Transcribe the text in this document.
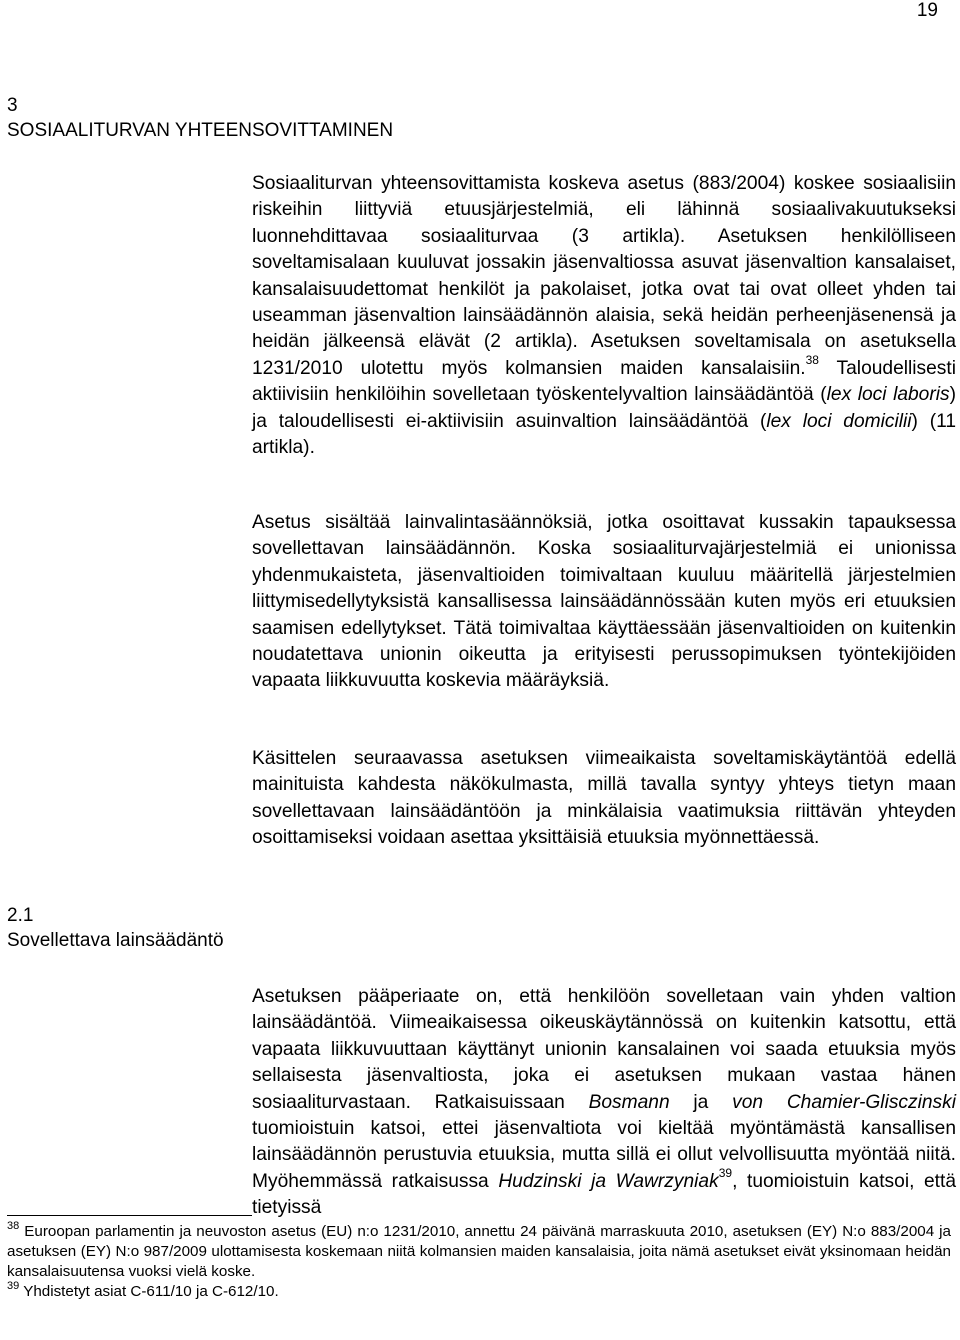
19
3
SOSIAALITURVAN YHTEENSOVITTAMINEN
2.1
Sovellettava lainsäädäntö

Sosiaaliturvan yhteensovittamista koskeva asetus (883/2004) koskee sosiaalisiin riskeihin liittyviä etuusjärjestelmiä, eli lähinnä sosiaalivakuutukseksi luonnehdittavaa sosiaaliturvaa (3 artikla). Asetuksen henkilölliseen soveltamisalaan kuuluvat jossakin jäsenvaltiossa asuvat jäsenvaltion kansalaiset, kansalaisuudettomat henkilöt ja pakolaiset, jotka ovat tai ovat olleet yhden tai useamman jäsenvaltion lainsäädännön alaisia, sekä heidän perheenjäsenensä ja heidän jälkeensä elävät (2 artikla). Asetuksen soveltamisala on asetuksella 1231/2010 ulotettu myös kolmansien maiden kansalaisiin.$^{38}$ Taloudellisesti aktiivisiin henkilöihin sovelletaan työskentelyvaltion lainsäädäntöä (lex loci laboris) ja taloudellisesti ei-aktiivisiin asuinvaltion lainsäädäntöä (lex loci domicilii) (11 artikla).

Asetus sisältää lainvalintasäännöksiä, jotka osoittavat kussakin tapauksessa sovellettavan lainsäädännön. Koska sosiaaliturvajärjestelmiä ei unionissa yhdenmukaisteta, jäsenvaltioiden toimivaltaan kuuluu määritellä järjestelmien liittymisedellytyksistä kansallisessa lainsäädännössään kuten myös eri etuuksien saamisen edellytykset. Tätä toimivaltaa käyttäessään jäsenvaltioiden on kuitenkin noudatettava unionin oikeutta ja erityisesti perussopimuksen työntekijöiden vapaata liikkuvuutta koskevia määräyksiä.

Käsittelen seuraavassa asetuksen viimeaikaista soveltamiskäytäntöä edellä mainituista kahdesta näkökulmasta, millä tavalla syntyy yhteys tietyn maan sovellettavaan lainsäädäntöön ja minkälaisia vaatimuksia riittävän yhteyden osoittamiseksi voidaan asettaa yksittäisiä etuuksia myönnettäessä.

Asetuksen pääperiaate on, että henkilöön sovelletaan vain yhden valtion lainsäädäntöä. Viimeaikaisessa oikeuskäytännössä on kuitenkin katsottu, että vapaata liikkuvuuttaan käyttänyt unionin kansalainen voi saada etuuksia myös sellaisesta jäsenvaltiosta, joka ei asetuksen mukaan vastaa hänen sosiaaliturvastaan. Ratkaisuissaan Bosmann ja von Chamier-Glisczinski tuomioistuin katsoi, ettei jäsenvaltiota voi kieltää myöntämästä kansallisen lainsäädännön perustuvia etuuksia, mutta sillä ei ollut velvollisuutta myöntää niitä. Myöhemmässä ratkaisussa Hudzinski ja Wawrzyniak$^{39}$, tuomioistuin katsoi, että tietyissä

$^{38}$ Euroopan parlamentin ja neuvoston asetus (EU) n:o 1231/2010, annettu 24 päivänä marraskuuta 2010, asetuksen (EY) N:o 883/2004 ja asetuksen (EY) N:o 987/2009 ulottamisesta koskemaan niitä kolmansien maiden kansalaisia, joita nämä asetukset eivät yksinomaan heidän kansalaisuutensa vuoksi vielä koske.

$^{39}$ Yhdistetyt asiat C-611/10 ja C-612/10.
